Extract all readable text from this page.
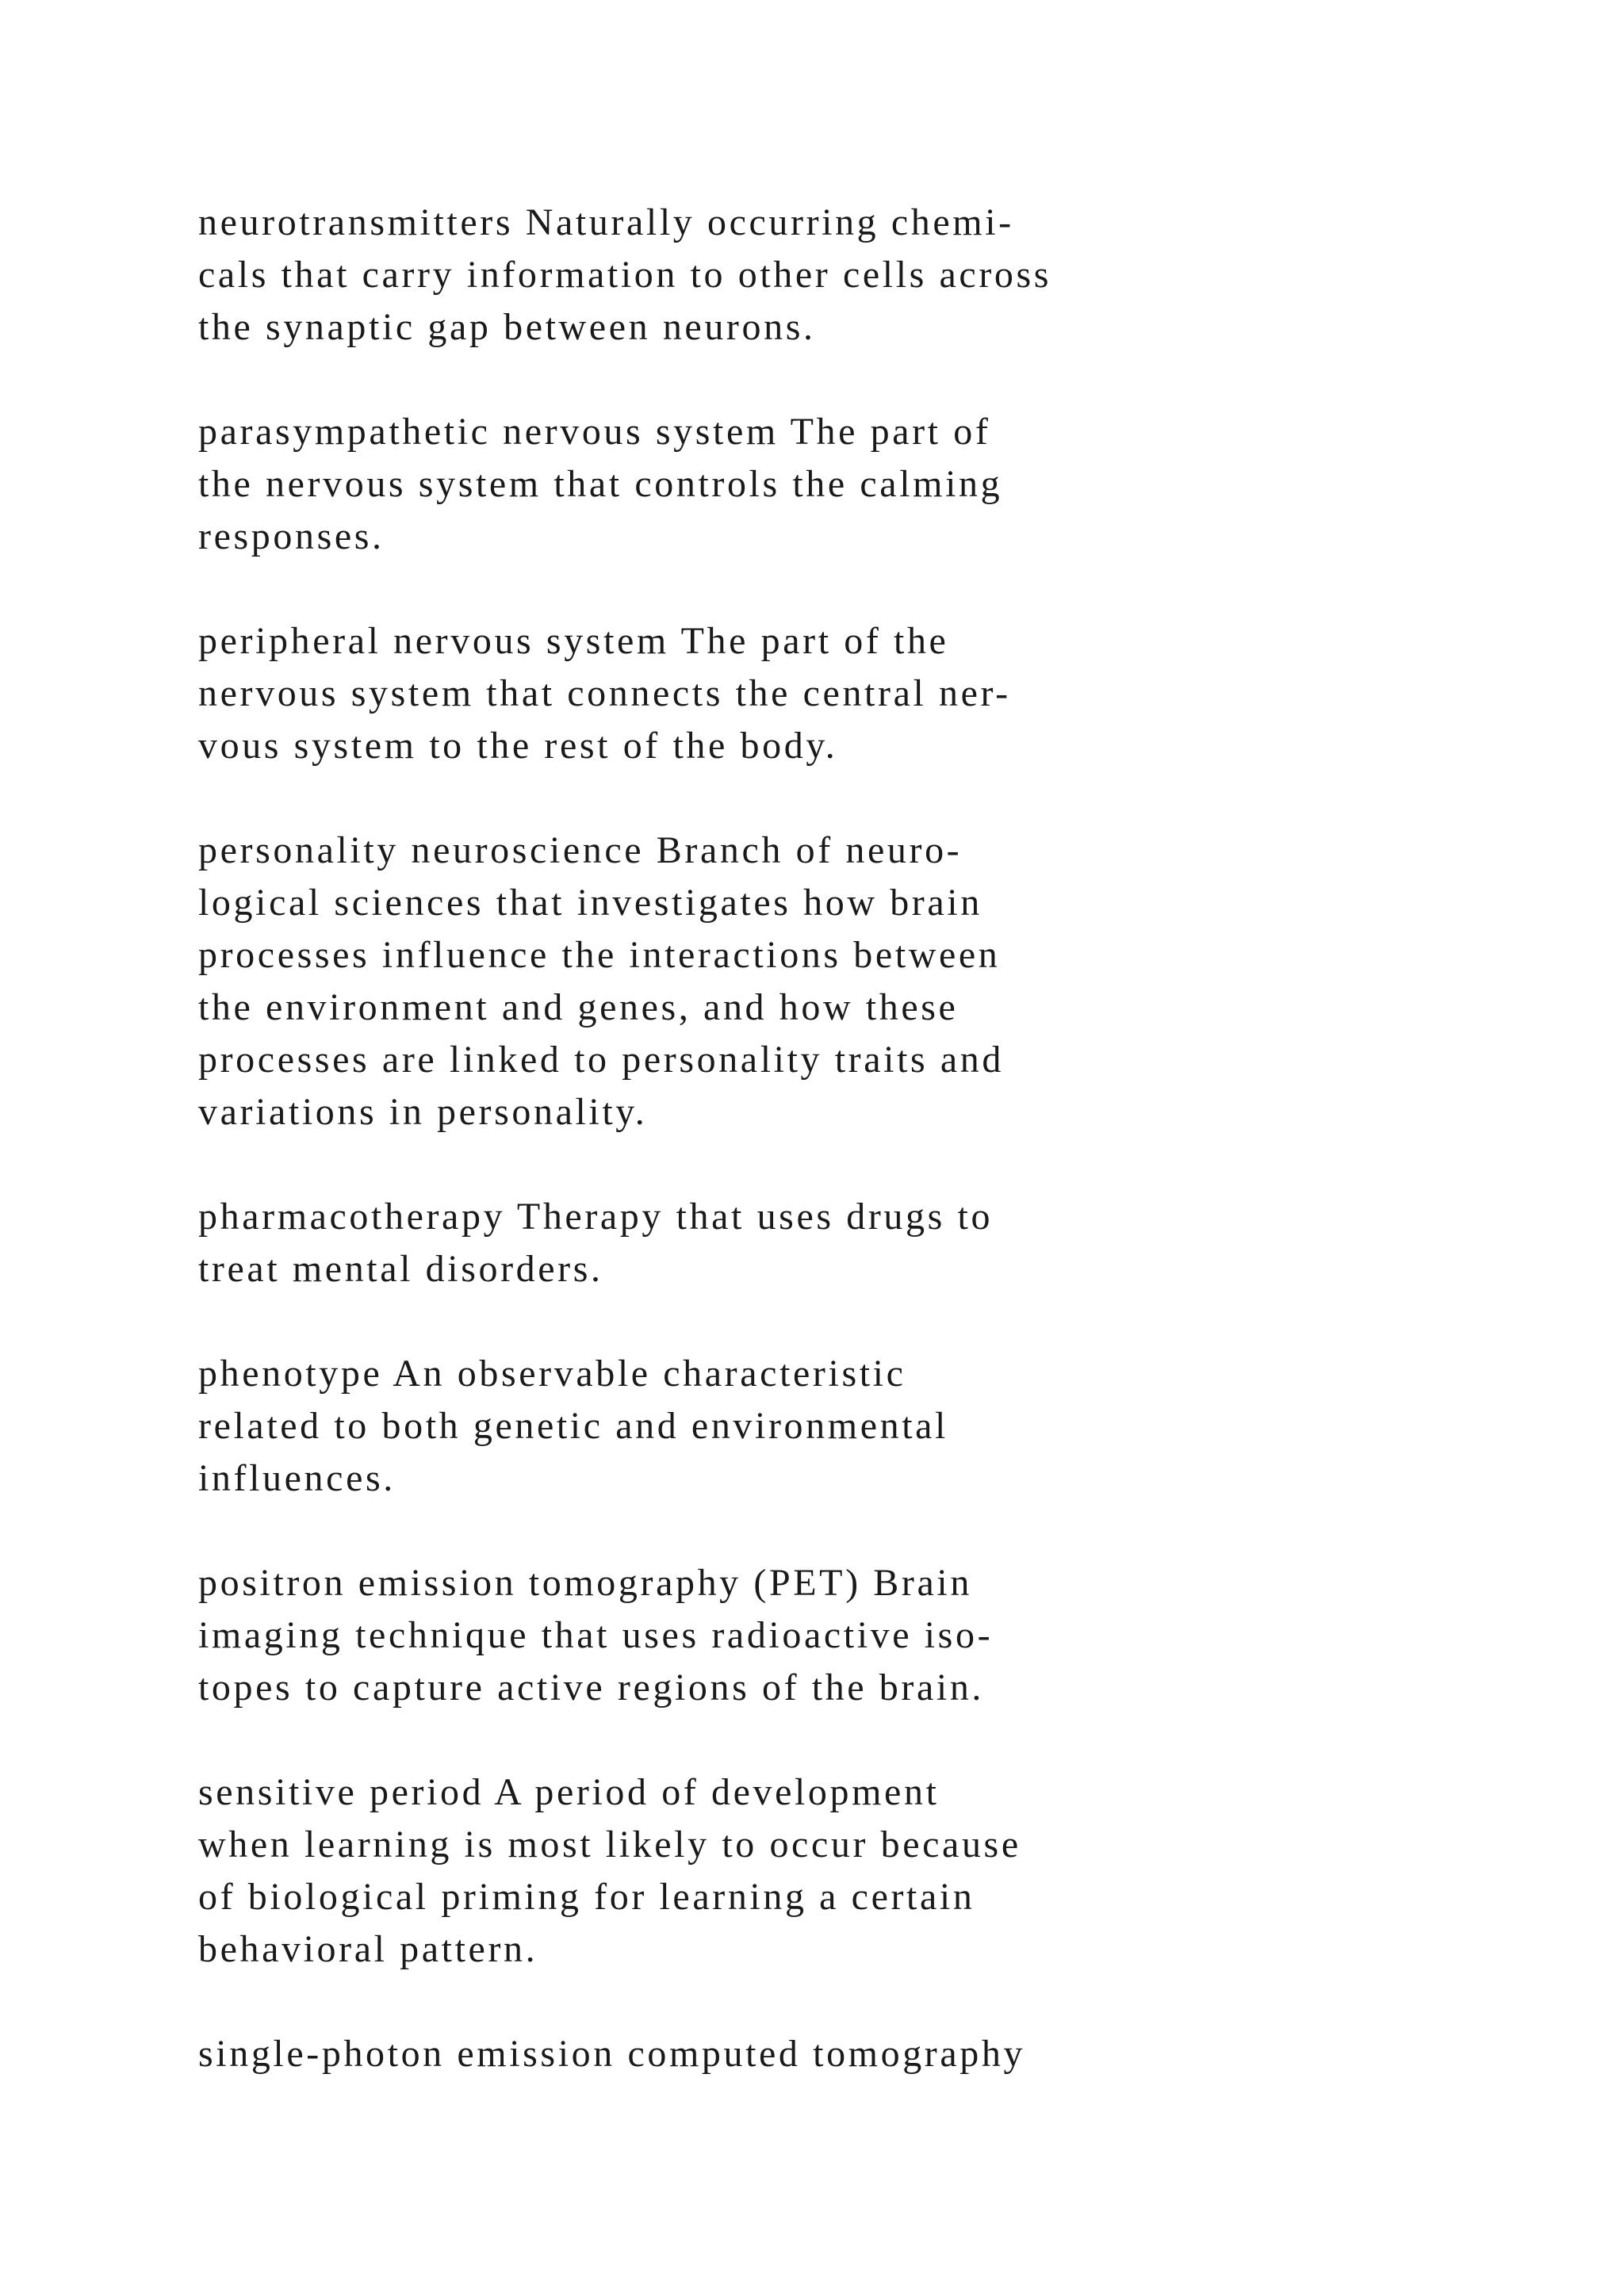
neurotransmitters Naturally occurring chemi-
cals that carry information to other cells across
the synaptic gap between neurons.

parasympathetic nervous system The part of
the nervous system that controls the calming
responses.

peripheral nervous system The part of the
nervous system that connects the central ner-
vous system to the rest of the body.

personality neuroscience Branch of neuro-
logical sciences that investigates how brain
processes influence the interactions between
the environment and genes, and how these
processes are linked to personality traits and
variations in personality.

pharmacotherapy Therapy that uses drugs to
treat mental disorders.

phenotype An observable characteristic
related to both genetic and environmental
influences.

positron emission tomography (PET) Brain
imaging technique that uses radioactive iso-
topes to capture active regions of the brain.

sensitive period A period of development
when learning is most likely to occur because
of biological priming for learning a certain
behavioral pattern.

single-photon emission computed tomography
